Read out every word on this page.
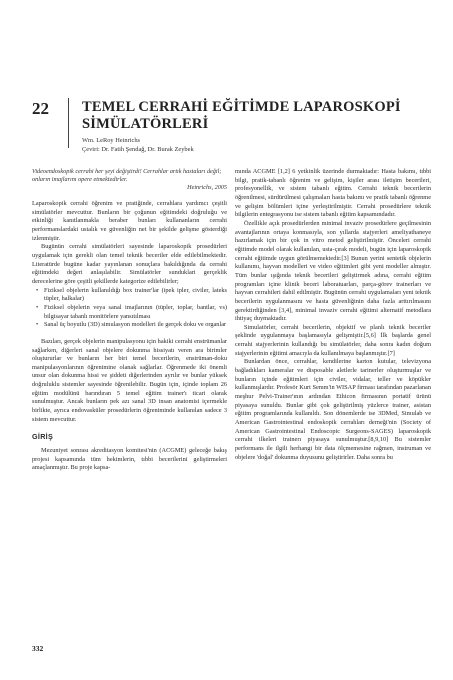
22 TEMEL CERRAHİ EĞİTİMDE LAPAROSKOPİ SİMÜLATÖRLERİ
Wm. LeRoy Heinrichs
Çeviri: Dr. Fatih Şendağ, Dr. Burak Zeybek
Videoendoskopik cerrahi her şeyi değiştirdi! Cerrahlar artık hastaları değil; onların imajlarını opere etmektedirler.
Heinrichs, 2005

Laparoskopik cerrahi öğrenim ve pratiğinde, cerrahlara yardımcı çeşitli simülatörler mevcuttur. Bunların bir çoğunun eğitimdeki doğruluğu ve etkinliği kanıtlanmakla beraber bunları kullananların cerrahi performanslardaki ustalık ve güvenliğin net bir şekilde gelişme gösterdiği izlenmiştir.

Bugünün cerrahi simülatörleri sayesinde laparoskopik prosedürleri uygulamak için gerekli olan temel teknik beceriler elde edilebilmektedir. Literatürde bugüne kadar yayınlanan sonuçlara bakıldığında da cerrahi eğitimdeki değeri anlaşılabilir. Simülatörler sunduklari gerçeklik derecelerine göre çeşitli şekillerde kategorize edilebilirler;

• Fiziksel objelerin kullanıldığı box trainer'lar (ipek ipler, civiler, lateks tüpler, halkalar)
• Fiziksel objelerin veya sanal imajlarının (tüpler, toplar, bantlar, vs) bilgisayar tabanlı monitörlere yansıtılması
• Sanal üç boyutlu (3D) simulasyon modelleri ile gerçek doku ve organlar

Bazıları, gerçek objelerin manipulasyonu için hakiki cerrahi enstrümanlar sağlarken, diğerleri sanal objelere dokunma hissiyatı veren ara birimler oluştururlar ve bunların her biri temel becerilerin, enstrüman-doku manipulasyonlarının öğrenimine olanak sağlarlar. Öğrenmede iki önemli unsur olan dokunma hissi ve şiddeti diğerlerinden ayrılır ve bunlar yüksek doğruluklu sistemler sayesinde öğrenilebilir. Bugün için, içinde toplam 26 eğitim modülünü barındıran 5 temel eğitim trainer'ı ticari olarak sunulmuştur. Ancak bunların pek azı sanal 3D insan anatomisi içermekle birlikte, ayrıca endovasküler prosedürlerin öğreniminde kullanılan sadece 3 sistem mevcuttur.

GİRİŞ

Mezuniyet sonrası akreditasyon komitesi'nin (ACGME) geleceğe bakış projesi kapsamında tüm hekimlerin, tıbbi becerilerini geliştirmeleri amaçlanmıştır. Bu proje kapsa-

mında ACGME [1,2] 6 yetkinlik üzerinde durmaktadır: Hasta bakımı, tıbbi bilgi, pratik-tabanlı öğrenim ve gelişim, kişiler arası iletişim becerileri, profesyonellik, ve sistem tabanlı eğitim. Cerrahi teknik becerilerin öğrenilmesi, sürdürülmesi çalışmaları hasta bakımı ve pratik tabanlı öğrenme ve gelişim bölümleri içine yerleştirilmiştir. Cerrahi prosedürlere teknik bilgilerin entegrasyonu ise sistem tabanlı eğitim kapsamındadır.

Özellikle açık prosedürlerden minimal invaziv prosedürlere geçilmesinin avantajlarının ortaya konmasıyla, son yıllarda stajyerleri ameliyathaneye hazırlamak için bir çok in vitro metod geliştirilmiştir. Önceleri cerrahi eğitimde model olarak kullanılan, usta-çırak modeli, bugün için laparoskopik cerrahi eğitimde uygun görülmemektedir.[3] Bunun yerini sentetik objelerin kullanımı, hayvan modelleri ve video eğitimleri gibi yeni modeller almıştır. Tüm bunlar ışığında teknik becerileri geliştirmek adına, cerrahi eğitim programları içine klinik beceri laboratuarları, parça-görev trainerları ve hayvan cerrahileri dahil edilmiştir. Bugünün cerrahi uygulamaları yeni teknik becerilerin uygulanmasını ve hasta güvenliğinin daha fazla arttırılmasını gerektirdiğinden [3,4], minimal invaziv cerrahi eğitimi alternatif metodlara ihtiyaç duymaktadır.

Simulatörler, cerrahi becerilerin, objektif ve planlı teknik beceriler şeklinde uygulanmaya başlamasıyla gelişmiştir.[5,6] İlk başlarda genel cerrahi stajyerlerinin kullandığı bu simülatörler, daha sonra kadın doğum stajyerlerinin eğitimi amacıyla da kullanılmaya başlanmıştır.[7]

Bunlardan önce, cerrahlar, kendilerine karton kutular, televizyona bağladıkları kameralar ve disposable aletlerle tarinerler oluşturmuşlar ve bunların içinde eğitimleri için civiler, vidalar, teller ve köpükler kullanmışlardır. Profesör Kurt Semm'in WISAP firması tarafından pazarlanan meşhur Pelvi-Trainer'ının ardından Ethicon firmasının portatif ürünü piyasaya sunuldu. Bunlar gibi çok geliştirilmiş yüzlerce trainer, asistan eğitim programlarında kullanıldı. Son dönemlerde ise 3DMed, Simulab ve American Gastrointestinal endoskopik cerrahları derneği'nin (Society of American Gastrointestinal Endoscopic Surgeons-SAGES) laparoskopik cerrahi ilkeleri trainerı piyasaya sunulmuştur.[8,9,10] Bu sistemler performans ile ilgili herhangi bir data ölçmemesine rağmen, instruman ve objelere 'doğal' dokunma duyusunu geliştirirler. Daha sonra bu

332
